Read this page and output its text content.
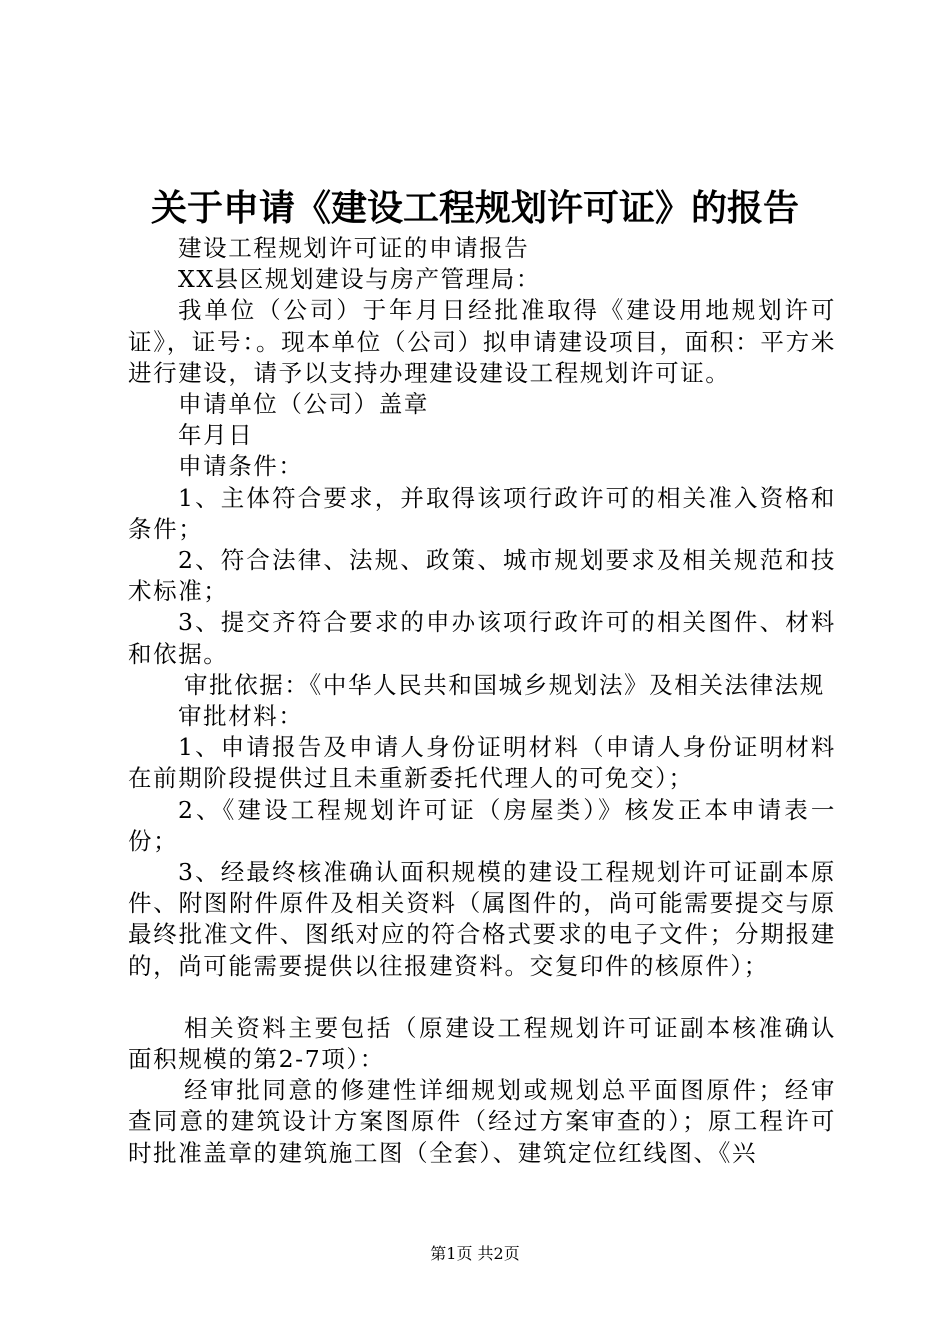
关于申请《建设工程规划许可证》的报告

建设工程规划许可证的申请报告

XX县区规划建设与房产管理局：

我单位（公司）于年月日经批准取得《建设用地规划许可证》，证号：。现本单位（公司）拟申请建设项目，面积：平方米进行建设，请予以支持办理建设建设工程规划许可证。

申请单位（公司）盖章

年月日

申请条件：

1、主体符合要求，并取得该项行政许可的相关准入资格和条件；

2、符合法律、法规、政策、城市规划要求及相关规范和技术标准；

3、提交齐符合要求的申办该项行政许可的相关图件、材料和依据。

审批依据：《中华人民共和国城乡规划法》及相关法律法规

审批材料：

1、申请报告及申请人身份证明材料（申请人身份证明材料在前期阶段提供过且未重新委托代理人的可免交）；

2、《建设工程规划许可证（房屋类）》核发正本申请表一份；

3、经最终核准确认面积规模的建设工程规划许可证副本原件、附图附件原件及相关资料（属图件的，尚可能需要提交与原最终批准文件、图纸对应的符合格式要求的电子文件；分期报建的，尚可能需要提供以往报建资料。交复印件的核原件）；

相关资料主要包括（原建设工程规划许可证副本核准确认面积规模的第2-7项）：

经审批同意的修建性详细规划或规划总平面图原件；经审查同意的建筑设计方案图原件（经过方案审查的）；原工程许可时批准盖章的建筑施工图（全套）、建筑定位红线图、《兴

第1页 共2页
